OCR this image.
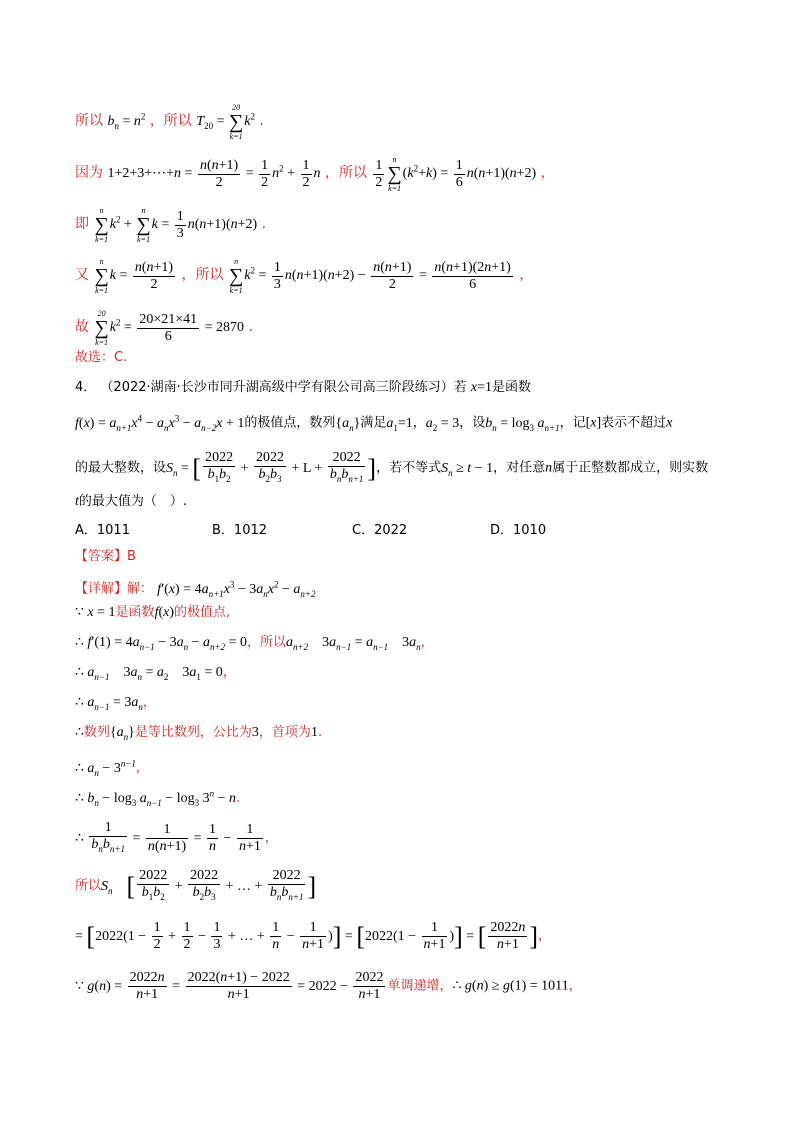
所以 $b_n = n^2$ ，所以 $T_{20}$ =
20
∑
k=1
$k^2$ .
因为 1+2+3+⋯+n = $\frac{n(n+1)}{2} = \frac{1}{2} n^2 + \frac{1}{2}$ n ，所以 $\frac{1}{2}$	n
∑
k=1
$(k^2+k) = \frac{1}{6} n(n+1)(n+2)$ ，
即
n
∑
k=1
$k^2$ +
n
∑
k=1
$k = \frac{1}{3} n(n+1)(n+2)$ .
又
n
∑
k=1
$k = \frac{n(n+1)}{2}$ ，所以
n
∑
k=1
$k^2 = \frac{1}{3} n(n+1)(n+2) - \frac{n(n+1)}{2} = \frac{n(n+1)(2n+1)}{6}$ ，
故
20
∑
k=1
$k^2 = \frac{20\times 21\times 41}{6} = 2870$ .
故选：C.
4． （2022·湖南·长沙市同升湖高级中学有限公司高三阶段练习）若 x=1是函数
$f(x) = a_{n+1}x^4 - a_nx^3 - a_{n-2}x + 1$的极值点，数列$\{a_n\}$满足$a_1=1$，$a_2 = 3$，设$b_n = \log_3 a_{n+1}$，记[x]表示不超过x
的最大整数，设$S_n$ = [ $\frac{2022}{b_1b_2} + \frac{2022}{b_2b_3} + L + \frac{2022}{b_nb_{n+1}}$ ]，若不等式$S_n \ge t - 1$，对任意n属于正整数都成立，则实数
t的最大值为（　）.
A．1011	B．1012	C．2022	D．1010
【答案】B
【详解】解： $f'(x) = 4a_{n+1}x^3 - 3a_nx^2 - a_{n+2}$
∵ x = 1是函数f(x)的极值点,
∴ $f'(1) = 4a_{n-1} - 3a_n - a_{n+2} = 0$，所以$a_{n+2}$　$3a_{n-1} = a_{n-1}$　$3a_n$，
∴ $a_{n-1}$　$3a_n = a_2$　$3a_1 = 0$，
∴ $a_{n-1} = 3a_n$，
∴数列$\{a_n\}$是等比数列，公比为3，首项为1.
∴ $a_n - 3^{n-1}$，
∴ $b_n - \log_3 a_{n-1} - \log_3 3^n - n$.
∴ $\frac{1}{b_nb_{n+1}} = \frac{1}{n(n+1)} = \frac{1}{n} - \frac{1}{n+1}$ ，
所以$S_n$　 [ $\frac{2022}{b_1b_2} + \frac{2022}{b_2b_3}$ + … + $\frac{2022}{b_nb_{n+1}}$ ]
= [$2022(1 - \frac{1}{2} + \frac{1}{2} - \frac{1}{3}$ + … + $\frac{1}{n} - \frac{1}{n+1}$ )] = [$2022(1 - \frac{1}{n+1}$ )] = [ $\frac{2022n}{n+1}$ ]，
∵ $g(n) = \frac{2022n}{n+1} = \frac{2022(n+1) - 2022}{n+1} = 2022 - \frac{2022}{n+1}$ 单调递增，∴ g(n) ≥ g(1) = 1011，
